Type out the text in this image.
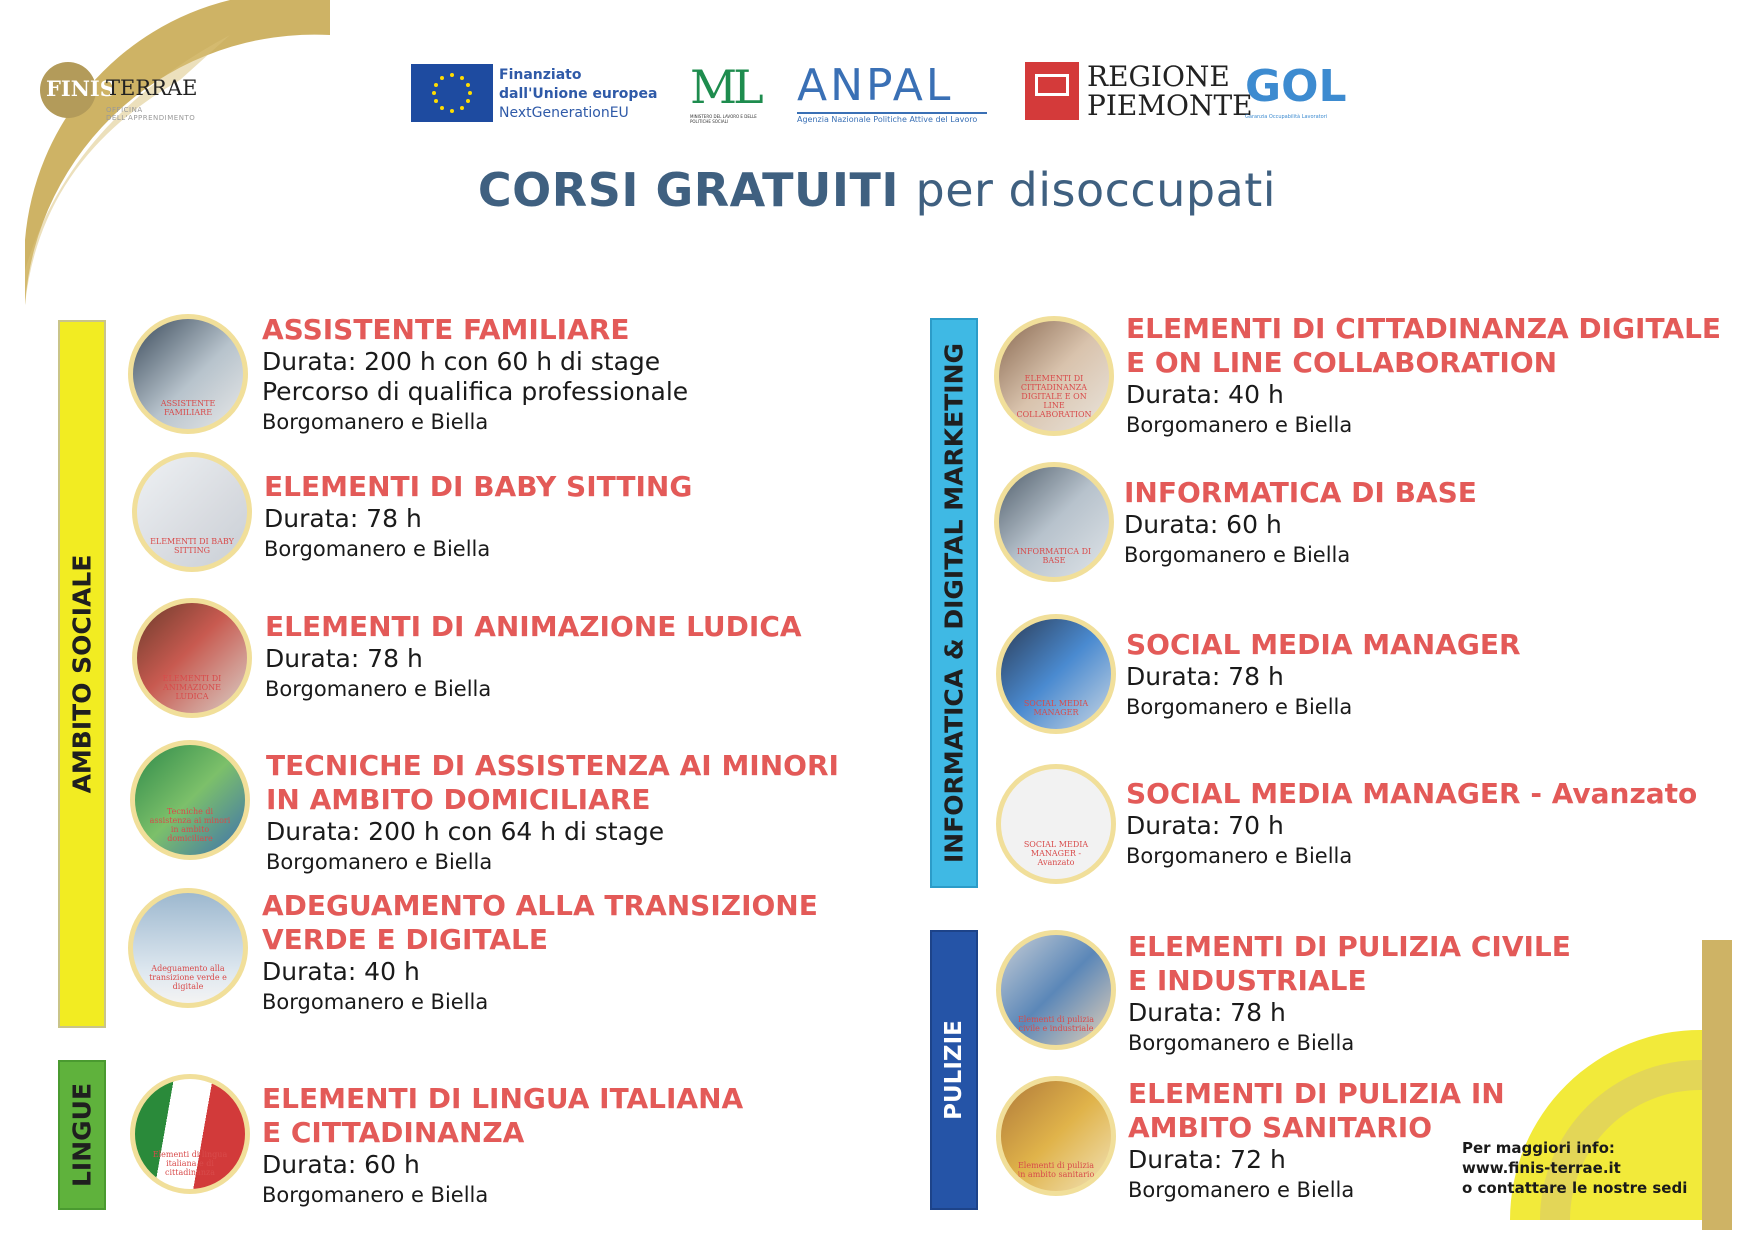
FINIS
TERRAE
OFFICINA DELL'APPRENDIMENTO
Finanziato
dall'Unione europea
NextGenerationEU	ML
MINISTERO DEL LAVORO E DELLE POLITICHE SOCIALI
ANPAL
Agenzia Nazionale Politiche Attive del Lavoro
REGIONE
PIEMONTE
GOL
Garanzia Occupabilità Lavoratori
CORSI GRATUITI per disoccupati
AMBITO SOCIALE
LINGUE
INFORMATICA & DIGITAL MARKETING
PULIZIE
ASSISTENTE FAMILIARE
ELEMENTI DI BABY SITTING
ELEMENTI DI ANIMAZIONE LUDICA
Tecniche di assistenza ai minori in ambito domiciliare
Adeguamento alla transizione verde e digitale
Elementi di lingua italiana e di cittadinanza
ELEMENTI DI CITTADINANZA DIGITALE E ON LINE COLLABORATION
INFORMATICA DI BASE
SOCIAL MEDIA MANAGER
SOCIAL MEDIA MANAGER - Avanzato
Elementi di pulizia civile e industriale
Elementi di pulizia in ambito sanitario
ASSISTENTE FAMILIARE
Durata: 200 h con 60 h di stage
Percorso di qualifica professionale
Borgomanero e Biella
ELEMENTI DI BABY SITTING
Durata: 78 h
Borgomanero e Biella
ELEMENTI DI ANIMAZIONE LUDICA
Durata: 78 h
Borgomanero e Biella
TECNICHE DI ASSISTENZA AI MINORI
IN AMBITO DOMICILIARE
Durata: 200 h con 64 h di stage
Borgomanero e Biella
ADEGUAMENTO ALLA TRANSIZIONE
VERDE E DIGITALE
Durata: 40 h
Borgomanero e Biella
ELEMENTI DI LINGUA ITALIANA
E CITTADINANZA
Durata: 60 h
Borgomanero e Biella
ELEMENTI DI CITTADINANZA DIGITALE
E ON LINE COLLABORATION
Durata: 40 h
Borgomanero e Biella
INFORMATICA DI BASE
Durata: 60 h
Borgomanero e Biella
SOCIAL MEDIA MANAGER
Durata: 78 h
Borgomanero e Biella
SOCIAL MEDIA MANAGER - Avanzato
Durata: 70 h
Borgomanero e Biella
ELEMENTI DI PULIZIA CIVILE
E INDUSTRIALE
Durata: 78 h
Borgomanero e Biella
ELEMENTI DI PULIZIA IN
AMBITO SANITARIO
Durata: 72 h
Borgomanero e Biella
Per maggiori info:
www.finis-terrae.it
o contattare le nostre sedi
